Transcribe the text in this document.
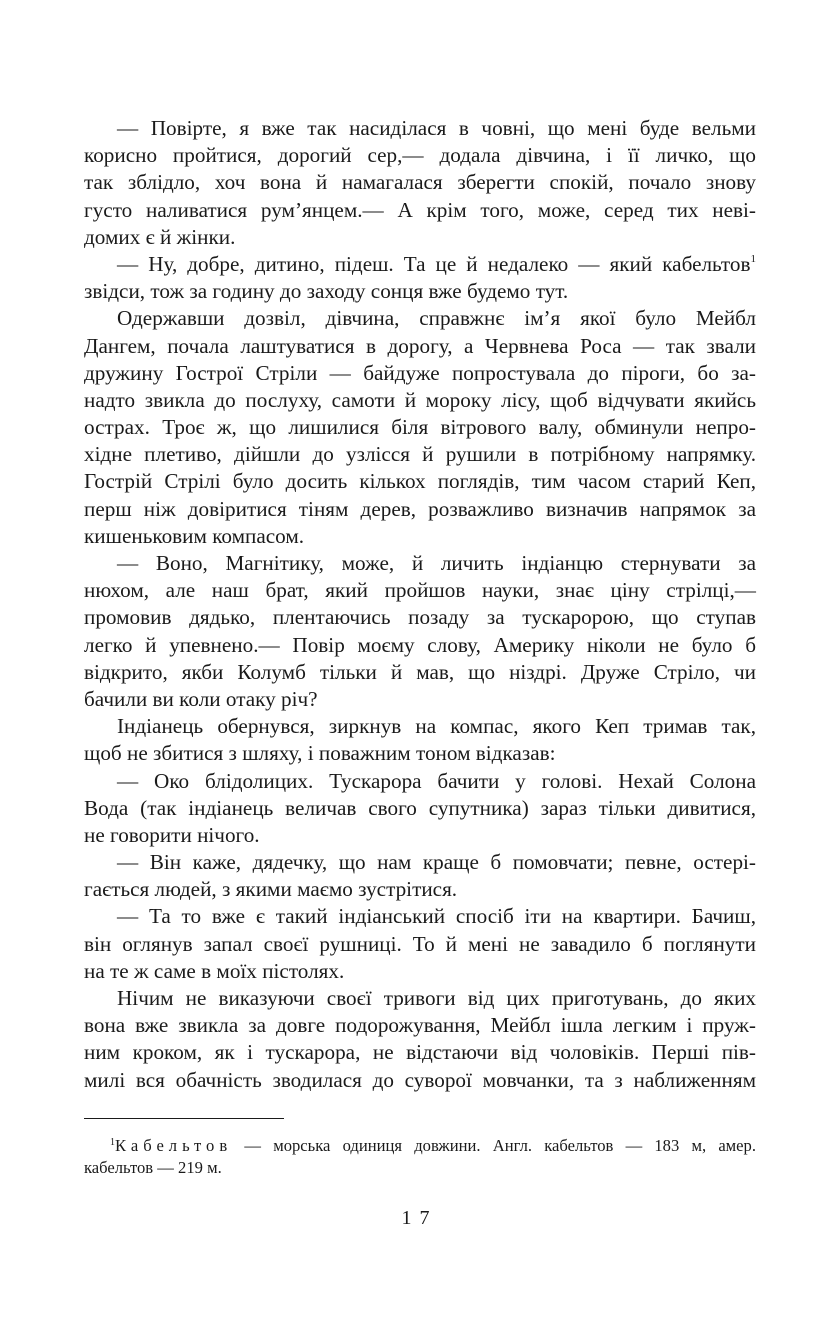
— Повірте, я вже так насиділася в човні, що мені буде вельми
корисно пройтися, дорогий сер,— додала дівчина, і її личко, що
так зблідло, хоч вона й намагалася зберегти спокій, почало знову
густо наливатися рум’янцем.— А крім того, може, серед тих неві-
домих є й жінки.
— Ну, добре, дитино, підеш. Та це й недалеко — який кабельтов$^1$
звідси, тож за годину до заходу сонця вже будемо тут.
Одержавши дозвіл, дівчина, справжнє ім’я якої було Мейбл
Дангем, почала лаштуватися в дорогу, а Червнева Роса — так звали
дружину Гострої Стріли — байдуже попростувала до піроги, бо за-
надто звикла до послуху, самоти й мороку лісу, щоб відчувати якийсь
острах. Троє ж, що лишилися біля вітрового валу, обминули непро-
хідне плетиво, дійшли до узлісся й рушили в потрібному напрямку.
Гострій Стрілі було досить кількох поглядів, тим часом старий Кеп,
перш ніж довіритися тіням дерев, розважливо визначив напрямок за
кишеньковим компасом.
— Воно, Магнітику, може, й личить індіанцю стернувати за
нюхом, але наш брат, який пройшов науки, знає ціну стрілці,—
промовив дядько, плентаючись позаду за тускаророю, що ступав
легко й упевнено.— Повір моєму слову, Америку ніколи не було б
відкрито, якби Колумб тільки й мав, що ніздрі. Друже Стріло, чи
бачили ви коли отаку річ?
Індіанець обернувся, зиркнув на компас, якого Кеп тримав так,
щоб не збитися з шляху, і поважним тоном відказав:
— Око блідолицих. Тускарора бачити у голові. Нехай Солона
Вода (так індіанець величав свого супутника) зараз тільки дивитися,
не говорити нічого.
— Він каже, дядечку, що нам краще б помовчати; певне, остері-
гається людей, з якими маємо зустрітися.
— Та то вже є такий індіанський спосіб іти на квартири. Бачиш,
він оглянув запал своєї рушниці. То й мені не завадило б поглянути
на те ж саме в моїх пістолях.
Нічим не виказуючи своєї тривоги від цих приготувань, до яких
вона вже звикла за довге подорожування, Мейбл ішла легким і пруж-
ним кроком, як і тускарора, не відстаючи від чоловіків. Перші пів-
милі вся обачність зводилася до суворої мовчанки, та з наближенням
$^1$Кабельтов — морська одиниця довжини. Англ. кабельтов — 183 м, амер.
кабельтов — 219 м.
17
